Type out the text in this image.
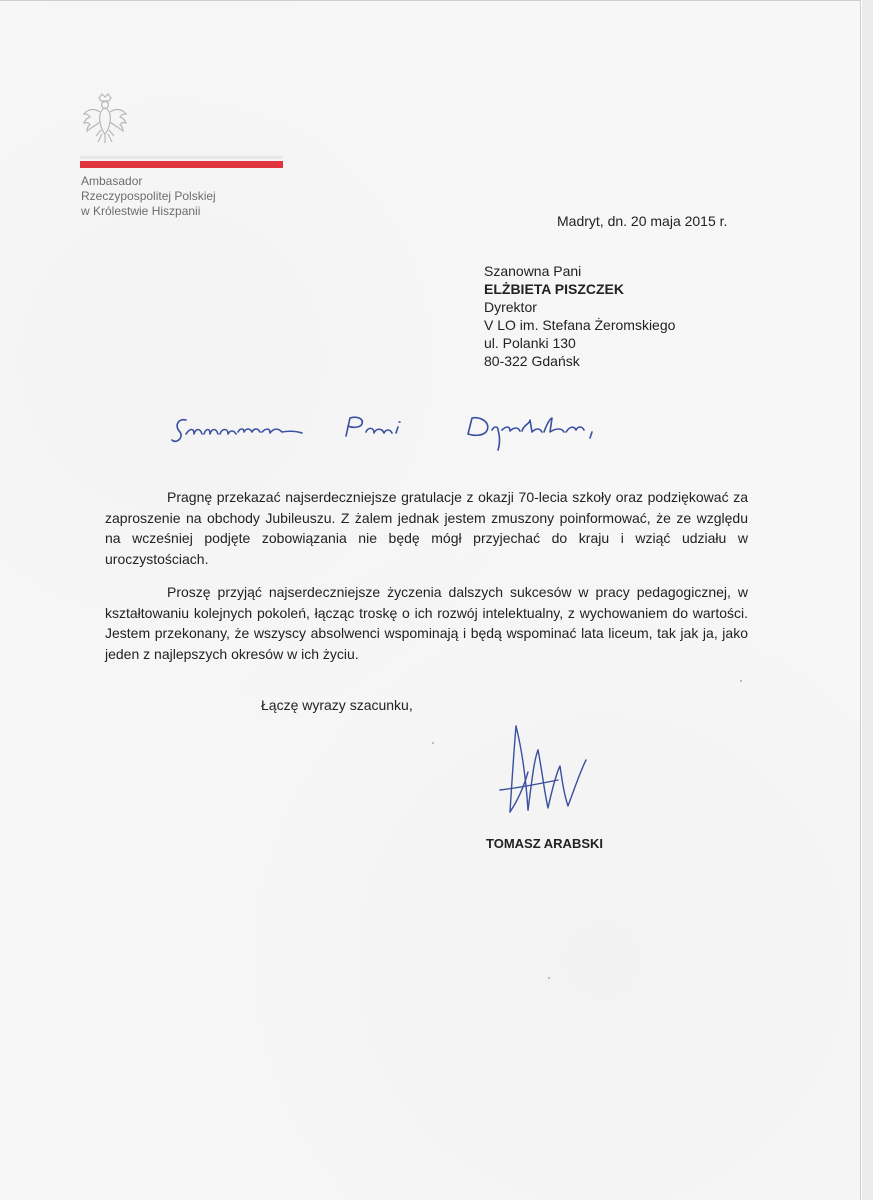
Ambasador
Rzeczypospolitej Polskiej
w Królestwie Hiszpanii
Madryt, dn. 20 maja 2015 r.
Szanowna Pani
ELŻBIETA PISZCZEK
Dyrektor
V LO im. Stefana Żeromskiego
ul. Polanki 130
80-322 Gdańsk

Pragnę przekazać najserdeczniejsze gratulacje z okazji 70-lecia szkoły oraz podziękować za zaproszenie na obchody Jubileuszu. Z żalem jednak jestem zmuszony poinformować, że ze względu na wcześniej podjęte zobowiązania nie będę mógł przyjechać do kraju i wziąć udziału w uroczystościach.

Proszę przyjąć najserdeczniejsze życzenia dalszych sukcesów w pracy pedagogicznej, w kształtowaniu kolejnych pokoleń, łącząc troskę o ich rozwój intelektualny, z wychowaniem do wartości. Jestem przekonany, że wszyscy absolwenci wspominają i będą wspominać lata liceum, tak jak ja, jako jeden z najlepszych okresów w ich życiu.

Łączę wyrazy szacunku,
TOMASZ ARABSKI
